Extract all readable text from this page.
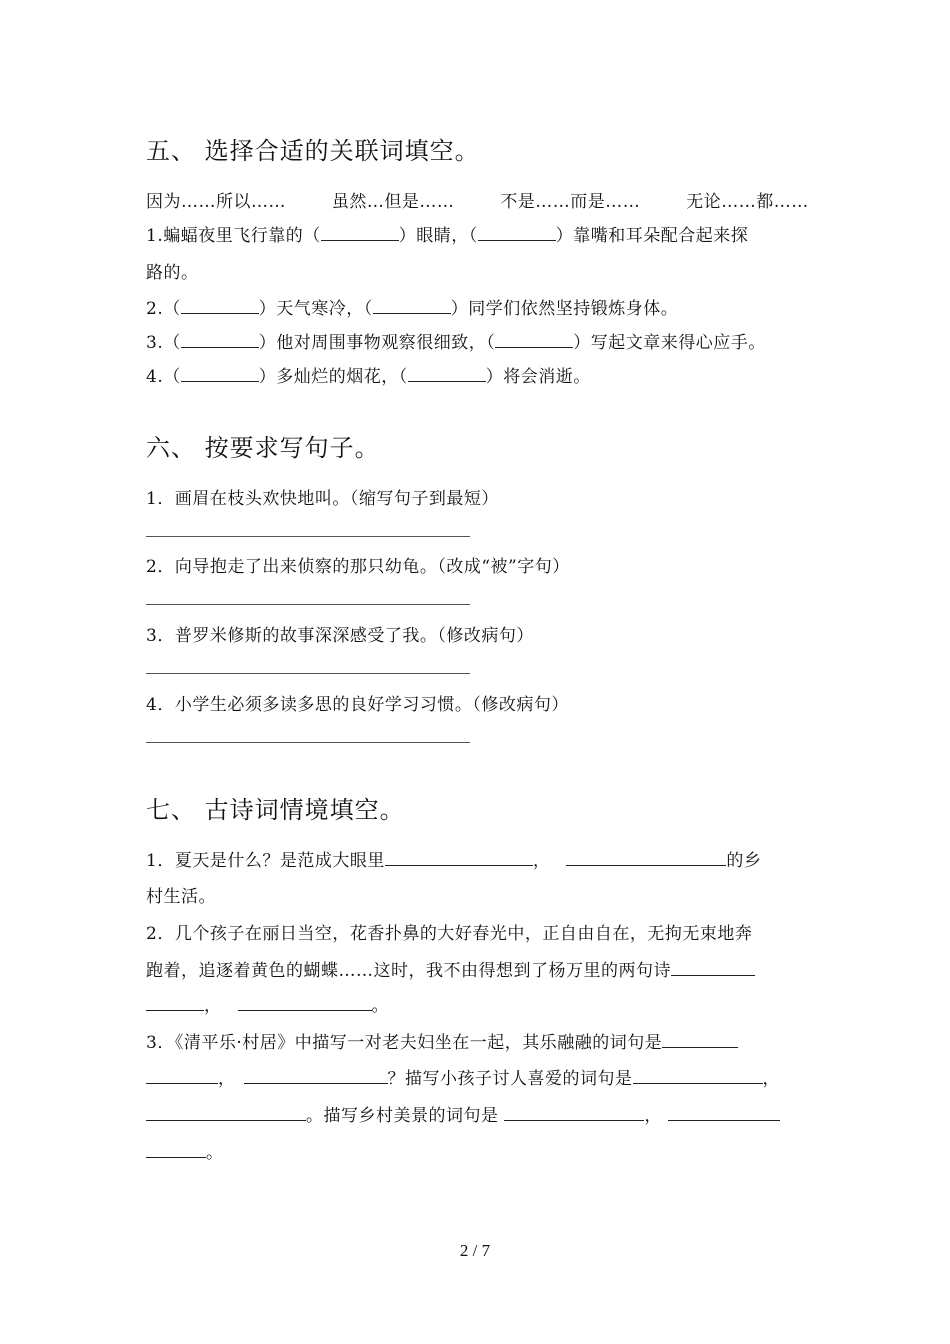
五、 选择合适的关联词填空。
因为……所以……	虽然…但是……	不是……而是……	无论……都……
1.蝙蝠夜里飞行靠的（	）眼睛，（	）靠嘴和耳朵配合起来探
路的。
2.（	）天气寒冷，（	）同学们依然坚持锻炼身体。
3.（	）他对周围事物观察很细致，（	）写起文章来得心应手。
4.（	）多灿烂的烟花，（	）将会消逝。
六、 按要求写句子。
1．画眉在枝头欢快地叫。（缩写句子到最短）
2．向导抱走了出来侦察的那只幼龟。（改成“被”字句）
3．普罗米修斯的故事深深感受了我。（修改病句）
4．小学生必须多读多思的良好学习习惯。（修改病句）
七、 古诗词情境填空。
1．夏天是什么？是范成大眼里	，	的乡
村生活。
2．几个孩子在丽日当空，花香扑鼻的大好春光中，正自由自在，无拘无束地奔
跑着，追逐着黄色的蝴蝶……这时，我不由得想到了杨万里的两句诗
，	。
3．《清平乐·村居》中描写一对老夫妇坐在一起，其乐融融的词句是
，	？描写小孩子讨人喜爱的词句是	，
。描写乡村美景的词句是	，
。
2 / 7
